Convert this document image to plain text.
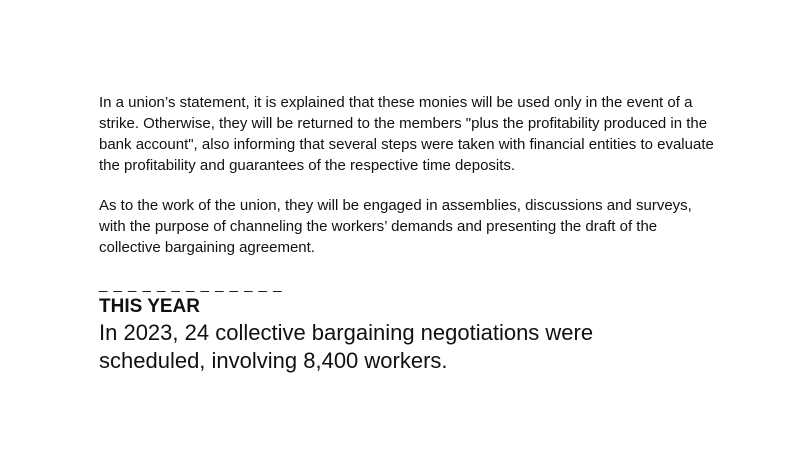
In a union’s statement, it is explained that these monies will be used only in the event of a strike. Otherwise, they will be returned to the members "plus the profitability produced in the bank account", also informing that several steps were taken with financial entities to evaluate the profitability and guarantees of the respective time deposits.

As to the work of the union, they will be engaged in assemblies, discussions and surveys, with the purpose of channeling the workers’ demands and presenting the draft of the collective bargaining agreement.

_ _ _ _ _ _ _ _ _ _ _ _ _
THIS YEAR
In 2023, 24 collective bargaining negotiations were scheduled, involving 8,400 workers.
